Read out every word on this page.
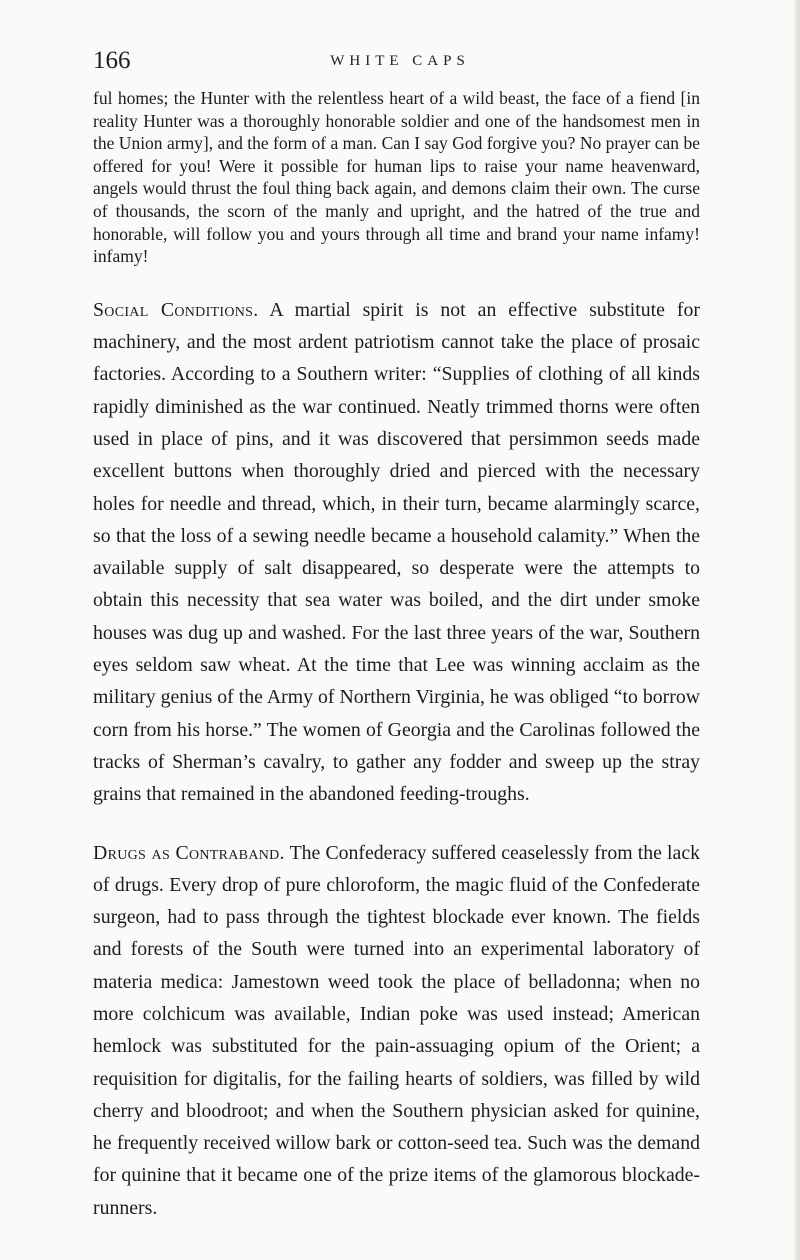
166	WHITE CAPS

ful homes; the Hunter with the relentless heart of a wild beast, the face of a fiend [in reality Hunter was a thoroughly honorable soldier and one of the handsomest men in the Union army], and the form of a man. Can I say God forgive you? No prayer can be offered for you! Were it possible for human lips to raise your name heavenward, angels would thrust the foul thing back again, and demons claim their own. The curse of thousands, the scorn of the manly and upright, and the hatred of the true and honorable, will follow you and yours through all time and brand your name infamy! infamy!

Social Conditions. A martial spirit is not an effective substitute for machinery, and the most ardent patriotism cannot take the place of prosaic factories. According to a Southern writer: “Supplies of clothing of all kinds rapidly diminished as the war continued. Neatly trimmed thorns were often used in place of pins, and it was discovered that persimmon seeds made excellent buttons when thoroughly dried and pierced with the necessary holes for needle and thread, which, in their turn, became alarmingly scarce, so that the loss of a sewing needle became a household calamity.” When the available supply of salt disappeared, so desperate were the attempts to obtain this necessity that sea water was boiled, and the dirt under smoke houses was dug up and washed. For the last three years of the war, Southern eyes seldom saw wheat. At the time that Lee was winning acclaim as the military genius of the Army of Northern Virginia, he was obliged “to borrow corn from his horse.” The women of Georgia and the Carolinas followed the tracks of Sherman’s cavalry, to gather any fodder and sweep up the stray grains that remained in the abandoned feeding-troughs.

Drugs as Contraband. The Confederacy suffered ceaselessly from the lack of drugs. Every drop of pure chloroform, the magic fluid of the Confederate surgeon, had to pass through the tightest blockade ever known. The fields and forests of the South were turned into an experimental laboratory of materia medica: Jamestown weed took the place of belladonna; when no more colchicum was available, Indian poke was used instead; American hemlock was substituted for the pain-assuaging opium of the Orient; a requisition for digitalis, for the failing hearts of soldiers, was filled by wild cherry and bloodroot; and when the Southern physician asked for quinine, he frequently received willow bark or cotton-seed tea. Such was the demand for quinine that it became one of the prize items of the glamorous blockade-runners.
